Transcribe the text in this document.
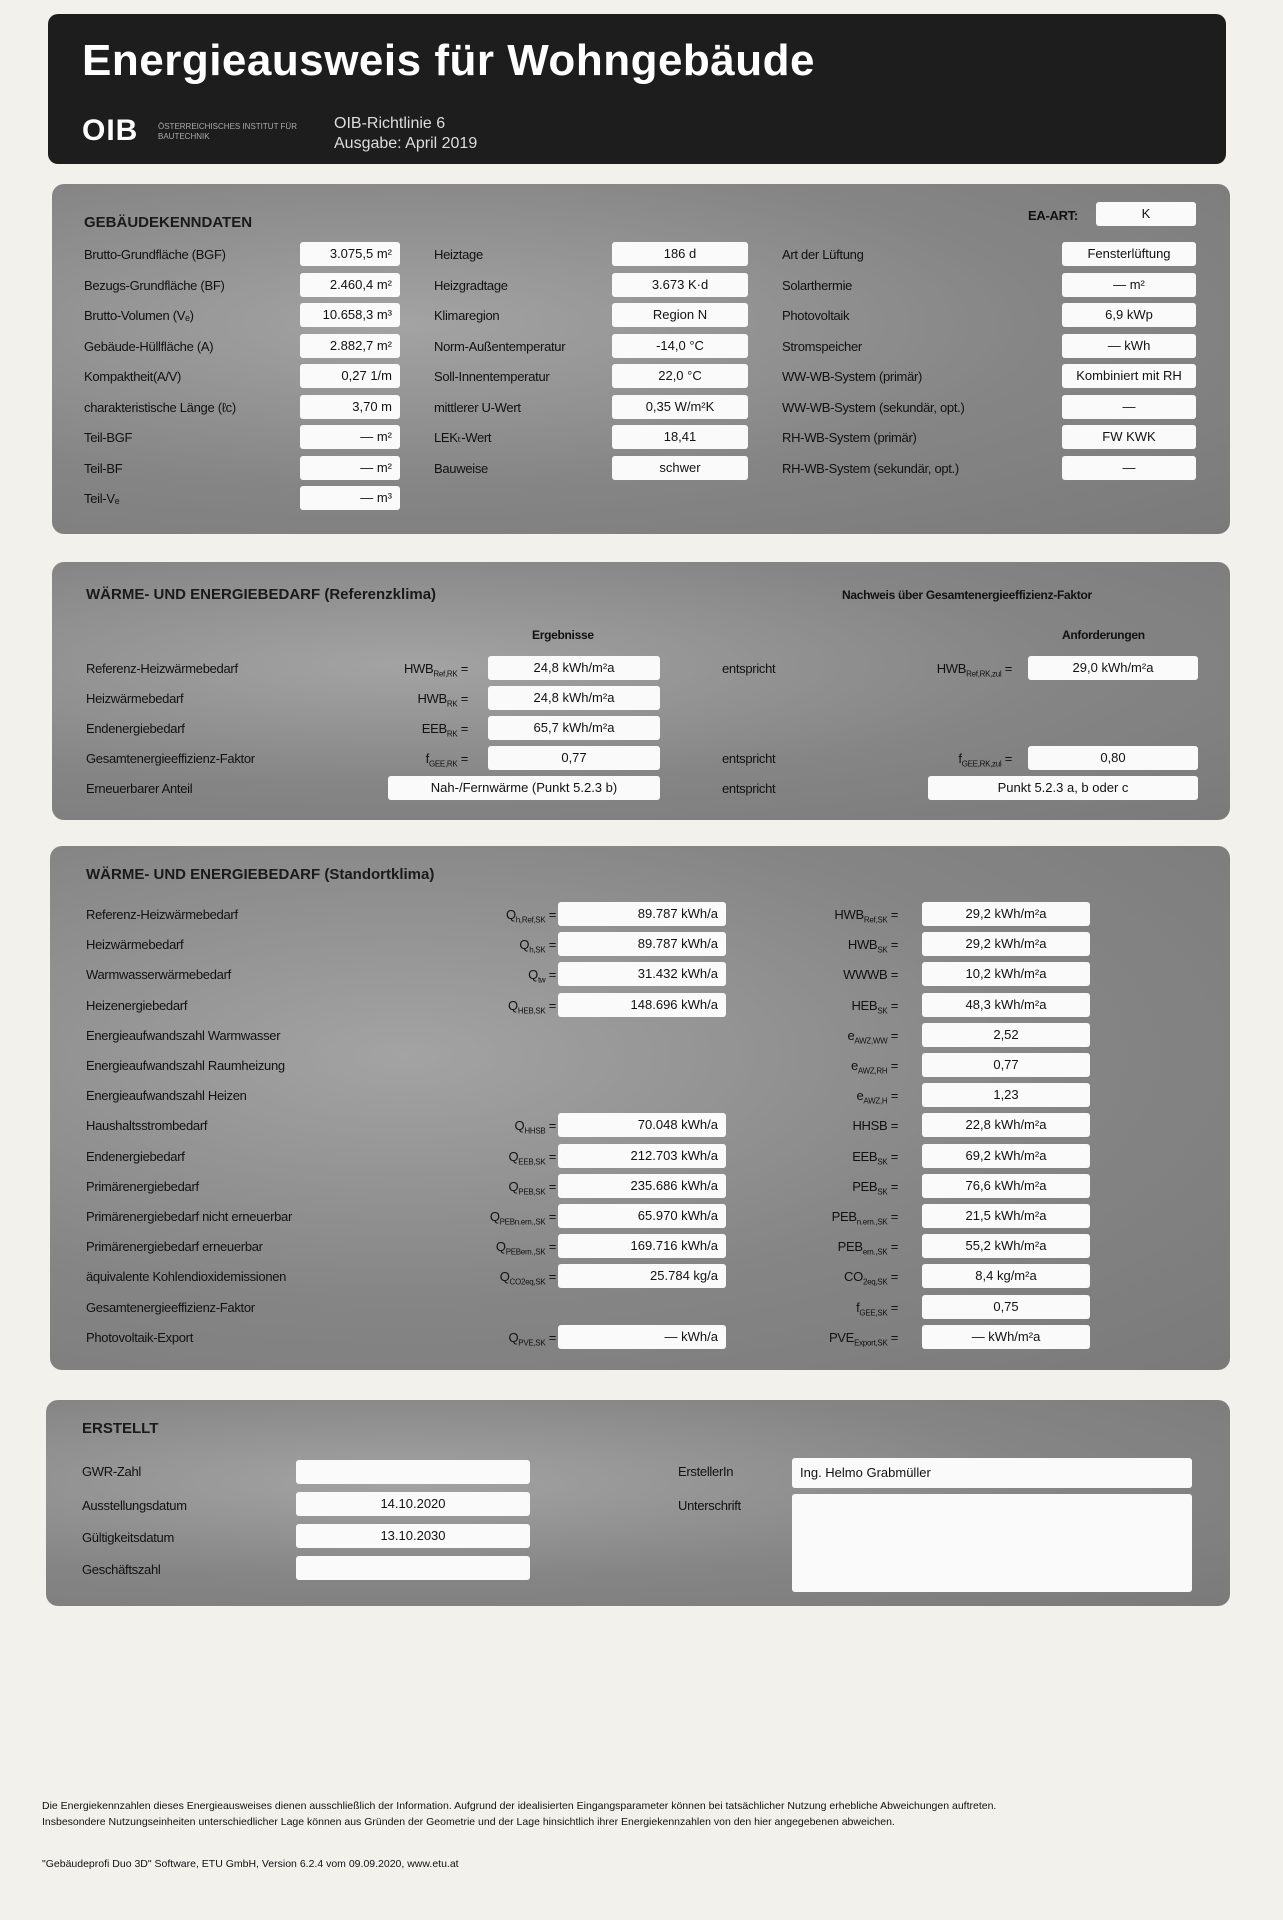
Energieausweis für Wohngebäude
OIB ÖSTERREICHISCHES INSTITUT FÜR BAUTECHNIK
OIB-Richtlinie 6
Ausgabe: April 2019
GEBÄUDEKENNDATEN	EA-ART:	K
Brutto-Grundfläche (BGF)	3.075,5 m²
Bezugs-Grundfläche (BF)	2.460,4 m²
Brutto-Volumen (Vₑ)	10.658,3 m³
Gebäude-Hüllfläche (A)	2.882,7 m²
Kompaktheit(A/V)	0,27 1/m
charakteristische Länge (ℓc)	3,70 m
Teil-BGF	— m²
Teil-BF	— m²
Teil-Vₑ	— m³
Heiztage	186 d
Heizgradtage	3.673 K·d
Klimaregion	Region N
Norm-Außentemperatur	-14,0 °C
Soll-Innentemperatur	22,0 °C
mittlerer U-Wert	0,35 W/m²K
LEKₜ-Wert	18,41
Bauweise	schwer
Art der Lüftung	Fensterlüftung
Solarthermie	— m²
Photovoltaik	6,9 kWp
Stromspeicher	— kWh
WW-WB-System (primär)	Kombiniert mit RH
WW-WB-System (sekundär, opt.)	—
RH-WB-System (primär)	FW KWK
RH-WB-System (sekundär, opt.)	—
WÄRME- UND ENERGIEBEDARF (Referenzklima)	Nachweis über Gesamtenergieeffizienz-Faktor
Ergebnisse	Anforderungen
Referenz-Heizwärmebedarf	$HWB_{Ref,RK}$ =	24,8 kWh/m²a	entspricht	$HWB_{Ref,RK,zul}$ =	29,0 kWh/m²a
Heizwärmebedarf	$HWB_{RK}$ =	24,8 kWh/m²a
Endenergiebedarf	$EEB_{RK}$ =	65,7 kWh/m²a
Gesamtenergieeffizienz-Faktor	$f_{GEE,RK}$ =	0,77	entspricht	$f_{GEE,RK,zul}$ =	0,80
Erneuerbarer Anteil	Nah-/Fernwärme (Punkt 5.2.3 b)	entspricht	Punkt 5.2.3 a, b oder c
WÄRME- UND ENERGIEBEDARF (Standortklima)
Referenz-Heizwärmebedarf	$Q_{h,Ref,SK}$ =	89.787 kWh/a	$HWB_{Ref,SK}$ =	29,2 kWh/m²a
Heizwärmebedarf	$Q_{h,SK}$ =	89.787 kWh/a	$HWB_{SK}$ =	29,2 kWh/m²a
Warmwasserwärmebedarf	$Q_{tw}$ =	31.432 kWh/a	WWWB =	10,2 kWh/m²a
Heizenergiebedarf	$Q_{HEB,SK}$ =	148.696 kWh/a	$HEB_{SK}$ =	48,3 kWh/m²a
Energieaufwandszahl Warmwasser	$e_{AWZ,WW}$ =	2,52
Energieaufwandszahl Raumheizung	$e_{AWZ,RH}$ =	0,77
Energieaufwandszahl Heizen	$e_{AWZ,H}$ =	1,23
Haushaltsstrombedarf	$Q_{HHSB}$ =	70.048 kWh/a	HHSB =	22,8 kWh/m²a
Endenergiebedarf	$Q_{EEB,SK}$ =	212.703 kWh/a	$EEB_{SK}$ =	69,2 kWh/m²a
Primärenergiebedarf	$Q_{PEB,SK}$ =	235.686 kWh/a	$PEB_{SK}$ =	76,6 kWh/m²a
Primärenergiebedarf nicht erneuerbar	$Q_{PEBn.ern.,SK}$ =	65.970 kWh/a	$PEB_{n.ern.,SK}$ =	21,5 kWh/m²a
Primärenergiebedarf erneuerbar	$Q_{PEBern.,SK}$ =	169.716 kWh/a	$PEB_{ern.,SK}$ =	55,2 kWh/m²a
äquivalente Kohlendioxidemissionen	$Q_{CO2eq,SK}$ =	25.784 kg/a	$CO_{2eq,SK}$ =	8,4 kg/m²a
Gesamtenergieeffizienz-Faktor	$f_{GEE,SK}$ =	0,75
Photovoltaik-Export	$Q_{PVE,SK}$ =	— kWh/a	$PVE_{Export,SK}$ =	— kWh/m²a
ERSTELLT
GWR-Zahl
Ausstellungsdatum	14.10.2020
Gültigkeitsdatum	13.10.2030
Geschäftszahl
ErstellerIn	Ing. Helmo Grabmüller
Unterschrift
Die Energiekennzahlen dieses Energieausweises dienen ausschließlich der Information. Aufgrund der idealisierten Eingangsparameter können bei tatsächlicher Nutzung erhebliche Abweichungen auftreten.
Insbesondere Nutzungseinheiten unterschiedlicher Lage können aus Gründen der Geometrie und der Lage hinsichtlich ihrer Energiekennzahlen von den hier angegebenen abweichen.
"Gebäudeprofi Duo 3D" Software, ETU GmbH, Version 6.2.4 vom 09.09.2020, www.etu.at
